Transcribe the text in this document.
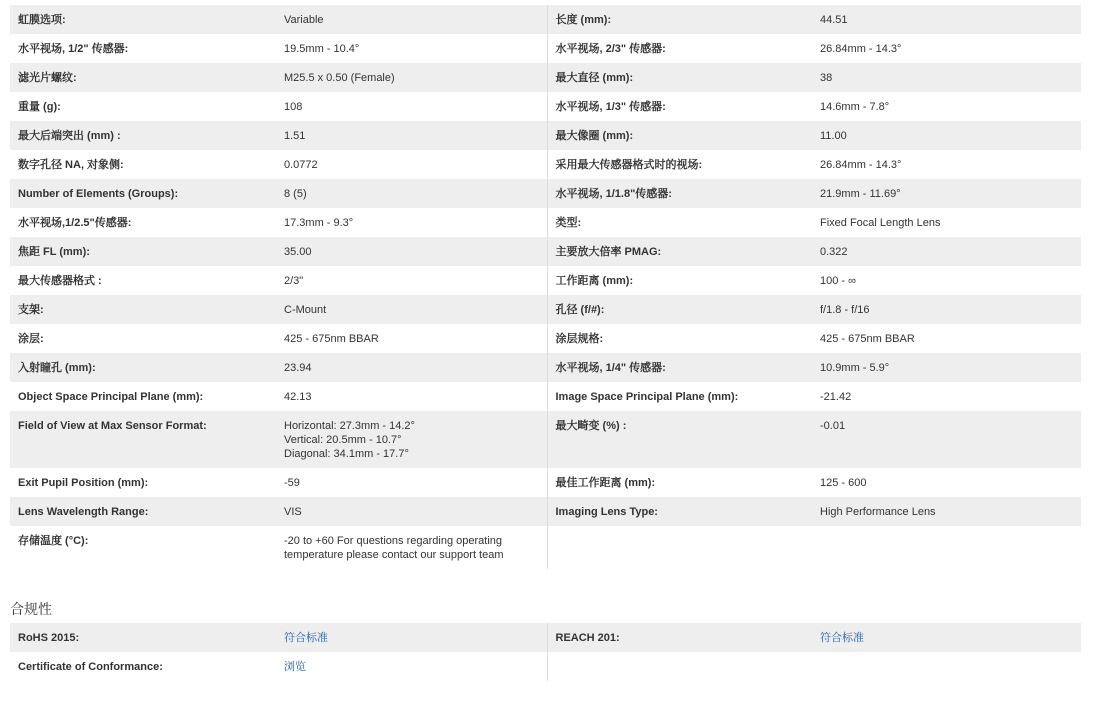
虹膜选项:	Variable	长度 (mm):	44.51
水平视场, 1/2" 传感器:	19.5mm - 10.4°	水平视场, 2/3" 传感器:	26.84mm - 14.3°
滤光片螺纹:	M25.5 x 0.50 (Female)	最大直径 (mm):	38
重量 (g):	108	水平视场, 1/3" 传感器:	14.6mm - 7.8°
最大后端突出 (mm) :	1.51	最大像圈 (mm):	11.00
数字孔径 NA, 对象侧:	0.0772	采用最大传感器格式时的视场:	26.84mm - 14.3°
Number of Elements (Groups):	8 (5)	水平视场, 1/1.8"传感器:	21.9mm - 11.69°
水平视场,1/2.5"传感器:	17.3mm - 9.3°	类型:	Fixed Focal Length Lens
焦距 FL (mm):	35.00	主要放大倍率 PMAG:	0.322
最大传感器格式 :	2/3"	工作距离 (mm):	100 - ∞
支架:	C-Mount	孔径 (f/#):	f/1.8 - f/16
涂层:	425 - 675nm BBAR	涂层规格:	425 - 675nm BBAR
入射瞳孔 (mm):	23.94	水平视场, 1/4" 传感器:	10.9mm - 5.9°
Object Space Principal Plane (mm):	42.13	Image Space Principal Plane (mm):	-21.42
Field of View at Max Sensor Format:	Horizontal: 27.3mm - 14.2°
Vertical: 20.5mm - 10.7°
Diagonal: 34.1mm - 17.7°	最大畸变 (%) :	-0.01
Exit Pupil Position (mm):	-59	最佳工作距离 (mm):	125 - 600
Lens Wavelength Range:	VIS	Imaging Lens Type:	High Performance Lens
存储温度 (°C):	-20 to +60 For questions regarding operating
temperature please contact our support team		
合规性
RoHS 2015:	符合标准	REACH 201:	符合标准
Certificate of Conformance:	浏览		
